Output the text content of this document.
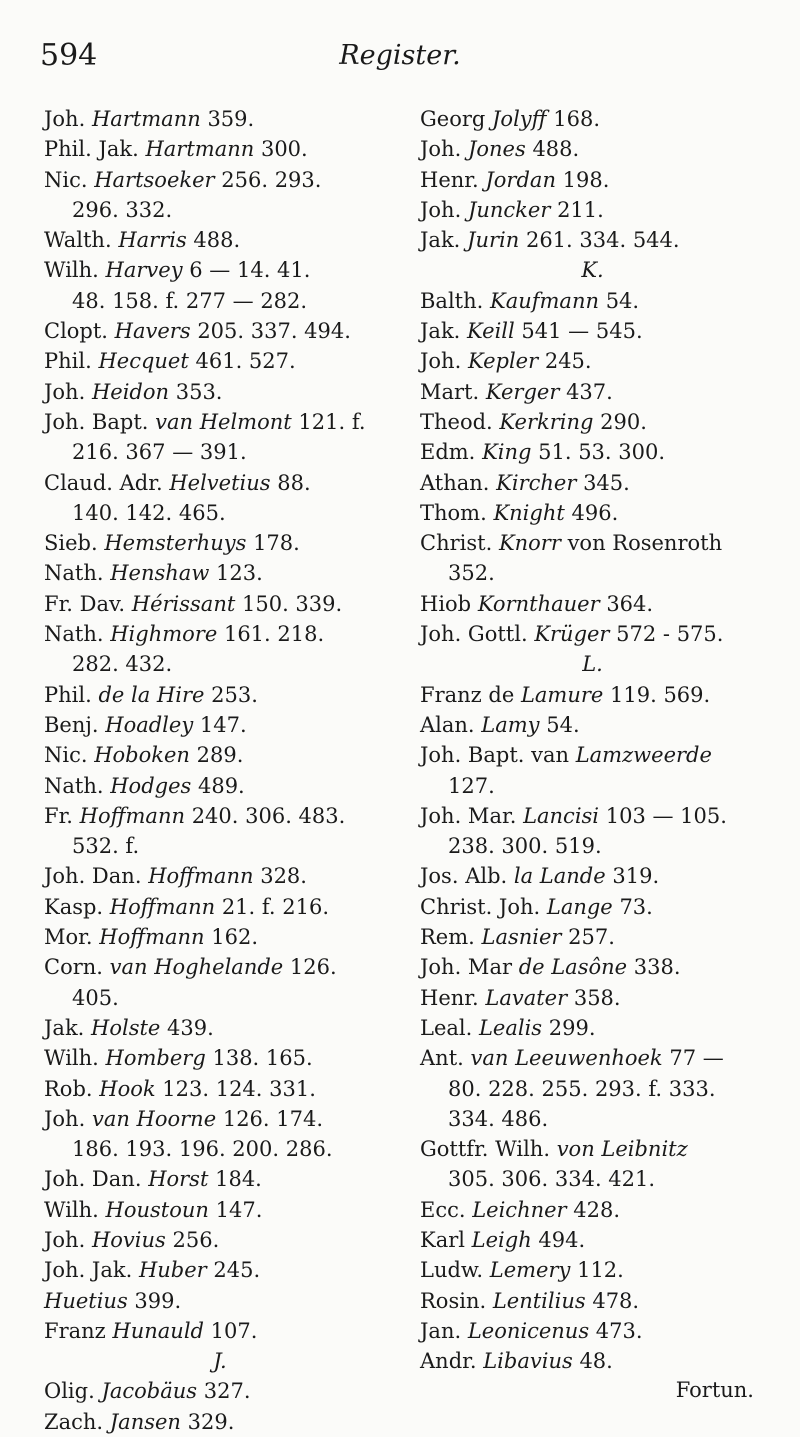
594	Register.
Joh. Hartmann 359.
Phil. Jak. Hartmann 300.
Nic. Hartsoeker 256. 293.
296. 332.
Walth. Harris 488.
Wilh. Harvey 6 — 14. 41.
48. 158. f. 277 — 282.
Clopt. Havers 205. 337. 494.
Phil. Hecquet 461. 527.
Joh. Heidon 353.
Joh. Bapt. van Helmont 121. f.
216. 367 — 391.
Claud. Adr. Helvetius 88.
140. 142. 465.
Sieb. Hemsterhuys 178.
Nath. Henshaw 123.
Fr. Dav. Hérissant 150. 339.
Nath. Highmore 161. 218.
282. 432.
Phil. de la Hire 253.
Benj. Hoadley 147.
Nic. Hoboken 289.
Nath. Hodges 489.
Fr. Hoffmann 240. 306. 483.
532. f.
Joh. Dan. Hoffmann 328.
Kasp. Hoffmann 21. f. 216.
Mor. Hoffmann 162.
Corn. van Hoghelande 126.
405.
Jak. Holste 439.
Wilh. Homberg 138. 165.
Rob. Hook 123. 124. 331.
Joh. van Hoorne 126. 174.
186. 193. 196. 200. 286.
Joh. Dan. Horst 184.
Wilh. Houstoun 147.
Joh. Hovius 256.
Joh. Jak. Huber 245.
Huetius 399.
Franz Hunauld 107.
J.
Olig. Jacobäus 327.
Zach. Jansen 329.
Georg Jolyff 168.
Joh. Jones 488.
Henr. Jordan 198.
Joh. Juncker 211.
Jak. Jurin 261. 334. 544.
K.
Balth. Kaufmann 54.
Jak. Keill 541 — 545.
Joh. Kepler 245.
Mart. Kerger 437.
Theod. Kerkring 290.
Edm. King 51. 53. 300.
Athan. Kircher 345.
Thom. Knight 496.
Christ. Knorr von Rosenroth
352.
Hiob Kornthauer 364.
Joh. Gottl. Krüger 572 - 575.
L.
Franz de Lamure 119. 569.
Alan. Lamy 54.
Joh. Bapt. van Lamzweerde
127.
Joh. Mar. Lancisi 103 — 105.
238. 300. 519.
Jos. Alb. la Lande 319.
Christ. Joh. Lange 73.
Rem. Lasnier 257.
Joh. Mar de Lasône 338.
Henr. Lavater 358.
Leal. Lealis 299.
Ant. van Leeuwenhoek 77 —
80. 228. 255. 293. f. 333.
334. 486.
Gottfr. Wilh. von Leibnitz
305. 306. 334. 421.
Ecc. Leichner 428.
Karl Leigh 494.
Ludw. Lemery 112.
Rosin. Lentilius 478.
Jan. Leonicenus 473.
Andr. Libavius 48.
Fortun.
